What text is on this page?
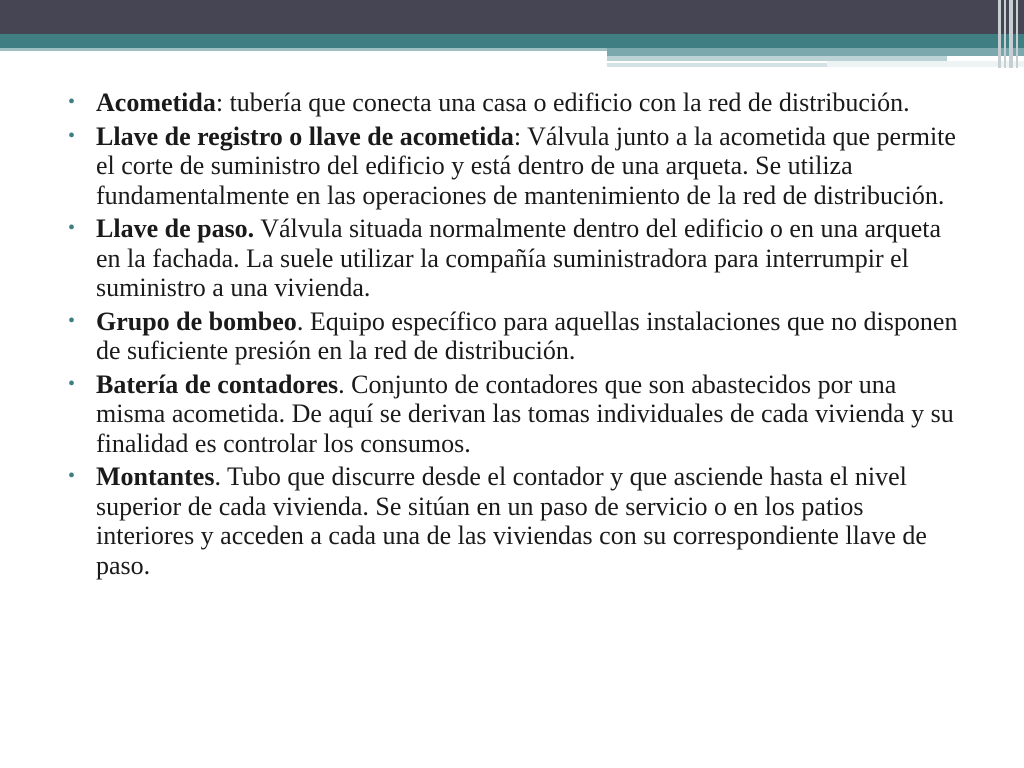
• Acometida: tubería que conecta una casa o edificio con la red de distribución.
• Llave de registro o llave de acometida: Válvula junto a la acometida que permite el corte de suministro del edificio y está dentro de una arqueta. Se utiliza fundamentalmente en las operaciones de mantenimiento de la red de distribución.
• Llave de paso. Válvula situada normalmente dentro del edificio o en una arqueta en la fachada. La suele utilizar la compañía suministradora para interrumpir el suministro a una vivienda.
• Grupo de bombeo. Equipo específico para aquellas instalaciones que no disponen de suficiente presión en la red de distribución.
• Batería de contadores. Conjunto de contadores que son abastecidos por una misma acometida. De aquí se derivan las tomas individuales de cada vivienda y su finalidad es controlar los consumos.
• Montantes. Tubo que discurre desde el contador y que asciende hasta el nivel superior de cada vivienda. Se sitúan en un paso de servicio o en los patios interiores y acceden a cada una de las viviendas con su correspondiente llave de paso.
